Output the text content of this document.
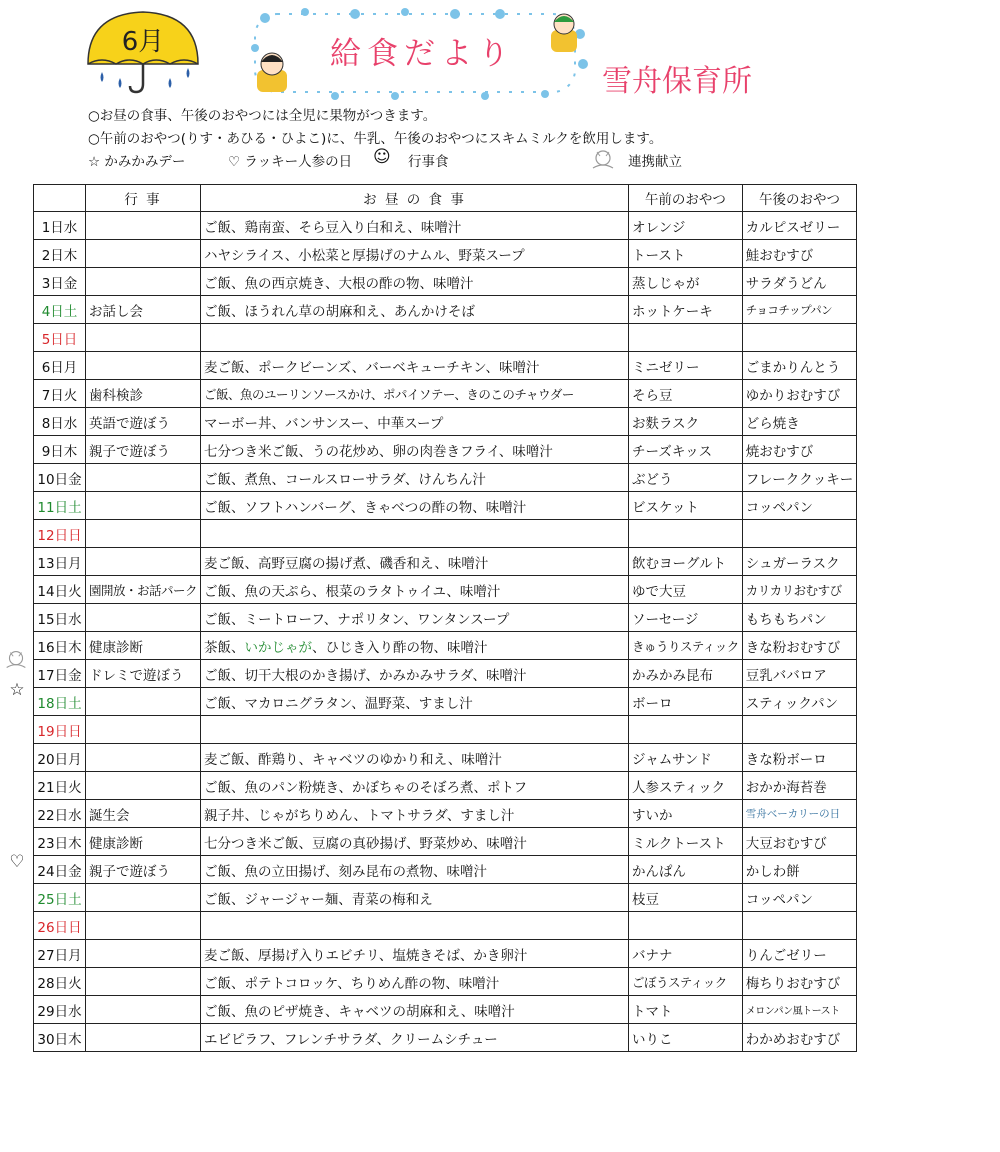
6月	給食だより
雪舟保育所
○お昼の食事、午後のおやつには全児に果物がつきます。
○午前のおやつ(りす・あひる・ひよこ)に、牛乳、午後のおやつにスキムミルクを飲用します。
☆ かみかみデー	♡ ラッキー人参の日 ☺ 行事食	連携献立
☆
♡
	行 事	お 昼 の 食 事	午前のおやつ	午後のおやつ
1日水		ご飯、鶏南蛮、そら豆入り白和え、味噌汁	オレンジ	カルピスゼリー
2日木		ハヤシライス、小松菜と厚揚げのナムル、野菜スープ	トースト	鮭おむすび
3日金		ご飯、魚の西京焼き、大根の酢の物、味噌汁	蒸しじゃが	サラダうどん
4日土	お話し会	ご飯、ほうれん草の胡麻和え、あんかけそば	ホットケーキ	チョコチップパン
5日日				
6日月		麦ご飯、ポークビーンズ、バーベキューチキン、味噌汁	ミニゼリー	ごまかりんとう
7日火	歯科検診	ご飯、魚のユーリンソースかけ、ポパイソテー、きのこのチャウダー	そら豆	ゆかりおむすび
8日水	英語で遊ぼう	マーボー丼、バンサンスー、中華スープ	お麩ラスク	どら焼き
9日木	親子で遊ぼう	七分つき米ご飯、うの花炒め、卵の肉巻きフライ、味噌汁	チーズキッス	焼おむすび
10日金		ご飯、煮魚、コールスローサラダ、けんちん汁	ぶどう	フレーククッキー
11日土		ご飯、ソフトハンバーグ、きゃべつの酢の物、味噌汁	ビスケット	コッペパン
12日日				
13日月		麦ご飯、高野豆腐の揚げ煮、磯香和え、味噌汁	飲むヨーグルト	シュガーラスク
14日火	園開放・お話パーク	ご飯、魚の天ぷら、根菜のラタトゥイユ、味噌汁	ゆで大豆	カリカリおむすび
15日水		ご飯、ミートローフ、ナポリタン、ワンタンスープ	ソーセージ	もちもちパン
16日木	健康診断	茶飯、いかじゃが、ひじき入り酢の物、味噌汁	きゅうりスティック	きな粉おむすび
17日金	ドレミで遊ぼう	ご飯、切干大根のかき揚げ、かみかみサラダ、味噌汁	かみかみ昆布	豆乳ババロア
18日土		ご飯、マカロニグラタン、温野菜、すまし汁	ボーロ	スティックパン
19日日				
20日月		麦ご飯、酢鶏り、キャベツのゆかり和え、味噌汁	ジャムサンド	きな粉ボーロ
21日火		ご飯、魚のパン粉焼き、かぼちゃのそぼろ煮、ポトフ	人参スティック	おかか海苔巻
22日水	誕生会	親子丼、じゃがちりめん、トマトサラダ、すまし汁	すいか	雪舟ベーカリーの日
23日木	健康診断	七分つき米ご飯、豆腐の真砂揚げ、野菜炒め、味噌汁	ミルクトースト	大豆おむすび
24日金	親子で遊ぼう	ご飯、魚の立田揚げ、刻み昆布の煮物、味噌汁	かんぱん	かしわ餅
25日土		ご飯、ジャージャー麺、青菜の梅和え	枝豆	コッペパン
26日日				
27日月		麦ご飯、厚揚げ入りエビチリ、塩焼きそば、かき卵汁	バナナ	りんごゼリー
28日火		ご飯、ポテトコロッケ、ちりめん酢の物、味噌汁	ごぼうスティック	梅ちりおむすび
29日水		ご飯、魚のピザ焼き、キャベツの胡麻和え、味噌汁	トマト	メロンパン風トースト
30日木		エビピラフ、フレンチサラダ、クリームシチュー	いりこ	わかめおむすび
